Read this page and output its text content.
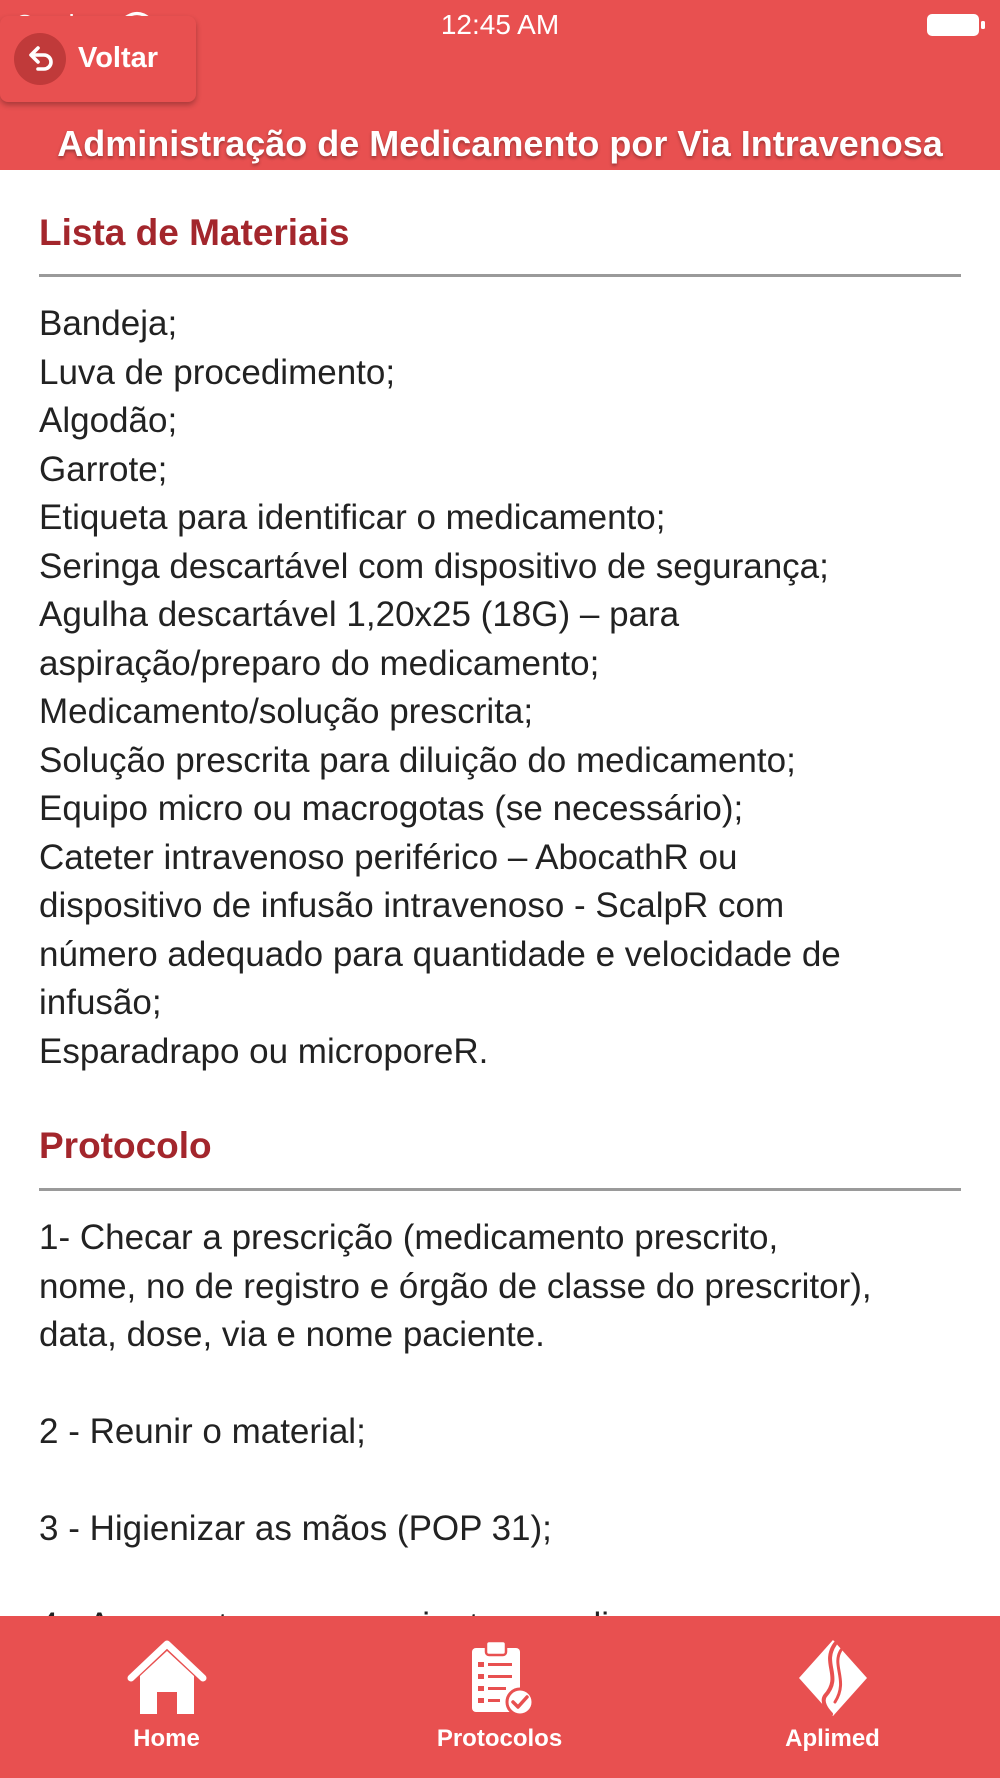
12:45 AM
Voltar
Administração de Medicamento por Via Intravenosa
Lista de Materiais
Bandeja;
Luva de procedimento;
Algodão;
Garrote;
Etiqueta para identificar o medicamento;
Seringa descartável com dispositivo de segurança;
Agulha descartável 1,20x25 (18G) – para
aspiração/preparo do medicamento;
Medicamento/solução prescrita;
Solução prescrita para diluição do medicamento;
Equipo micro ou macrogotas (se necessário);
Cateter intravenoso periférico – AbocathR ou
dispositivo de infusão intravenoso - ScalpR com
número adequado para quantidade e velocidade de
infusão;
Esparadrapo ou microporeR.
Protocolo
1- Checar a prescrição (medicamento prescrito,
nome, no de registro e órgão de classe do prescritor),
data, dose, via e nome paciente.
2 - Reunir o material;
3 - Higienizar as mãos (POP 31);
Home	Protocolos	Aplimed
